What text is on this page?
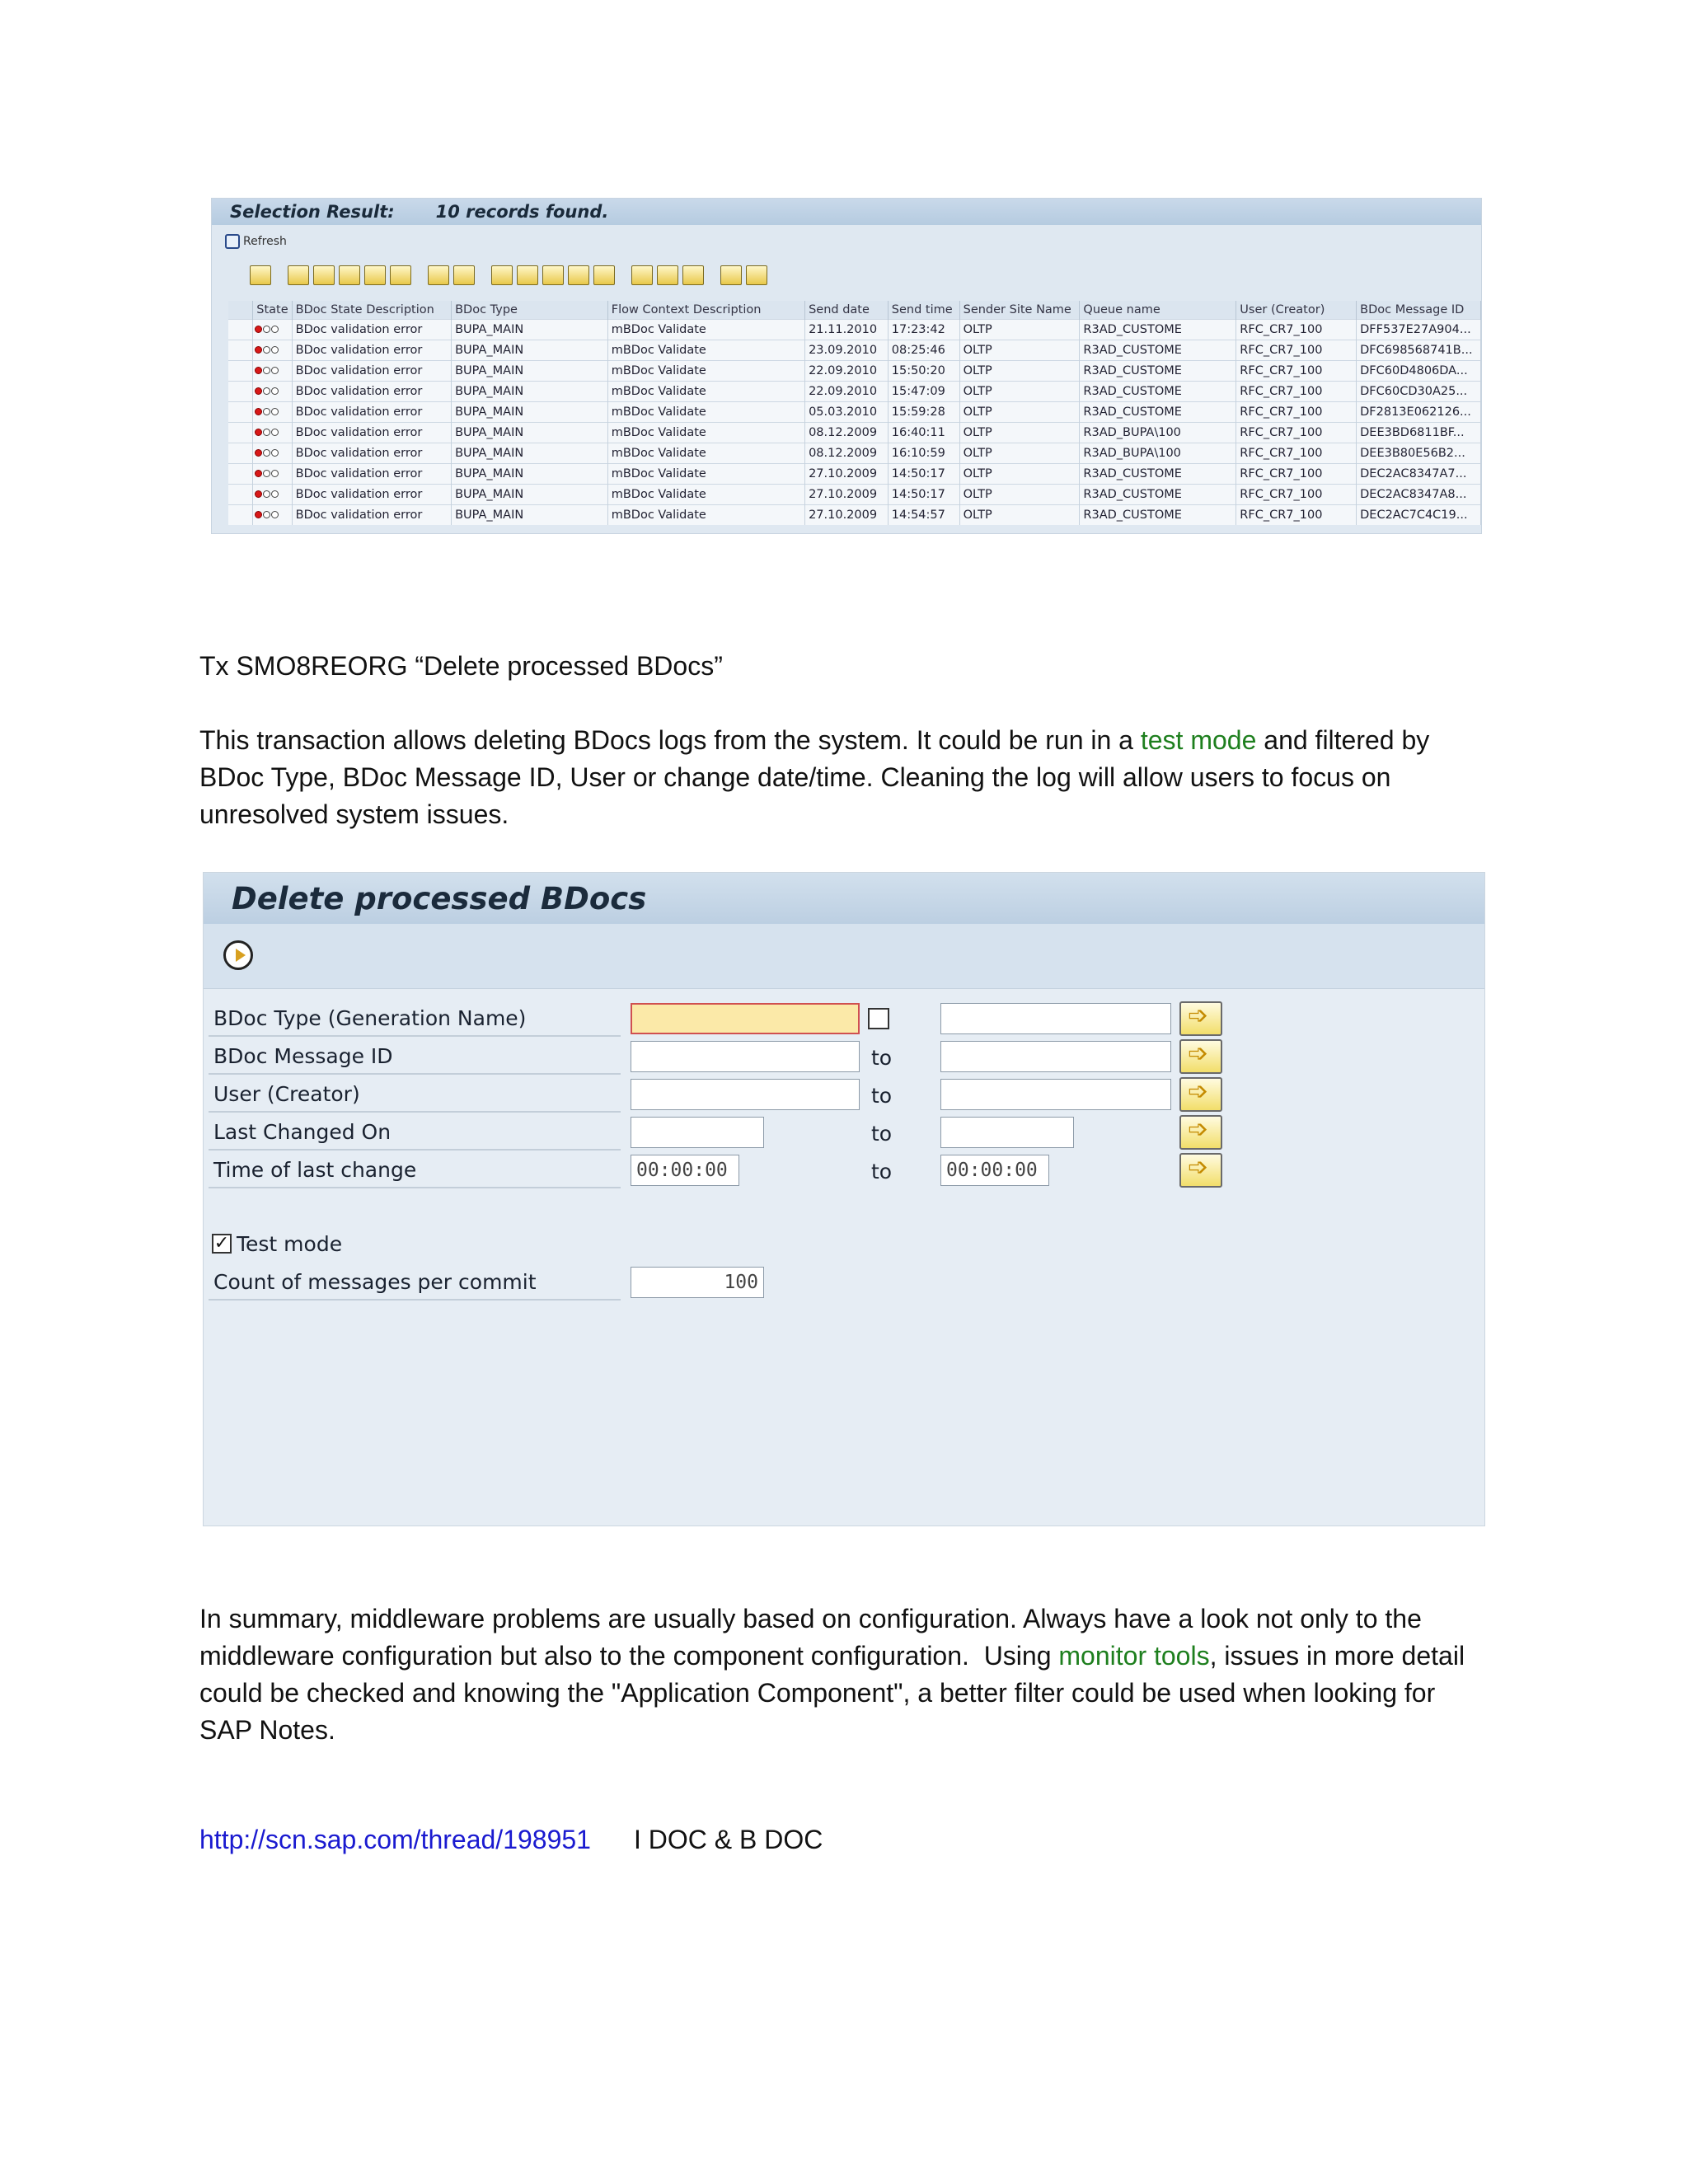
Selection Result: 10 records found.
Refresh
	State	BDoc State Description	BDoc Type	Flow Context Description	Send date	Send time	Sender Site Name	Queue name	User (Creator)	BDoc Message ID

	BDoc validation error	BUPA_MAIN	mBDoc Validate	21.11.2010	17:23:42	OLTP	R3AD_CUSTOME	RFC_CR7_100	DFF537E27A904...

	BDoc validation error	BUPA_MAIN	mBDoc Validate	23.09.2010	08:25:46	OLTP	R3AD_CUSTOME	RFC_CR7_100	DFC698568741B...

	BDoc validation error	BUPA_MAIN	mBDoc Validate	22.09.2010	15:50:20	OLTP	R3AD_CUSTOME	RFC_CR7_100	DFC60D4806DA...

	BDoc validation error	BUPA_MAIN	mBDoc Validate	22.09.2010	15:47:09	OLTP	R3AD_CUSTOME	RFC_CR7_100	DFC60CD30A25...

	BDoc validation error	BUPA_MAIN	mBDoc Validate	05.03.2010	15:59:28	OLTP	R3AD_CUSTOME	RFC_CR7_100	DF2813E062126...

	BDoc validation error	BUPA_MAIN	mBDoc Validate	08.12.2009	16:40:11	OLTP	R3AD_BUPA\100	RFC_CR7_100	DEE3BD6811BF...

	BDoc validation error	BUPA_MAIN	mBDoc Validate	08.12.2009	16:10:59	OLTP	R3AD_BUPA\100	RFC_CR7_100	DEE3B80E56B2...

	BDoc validation error	BUPA_MAIN	mBDoc Validate	27.10.2009	14:50:17	OLTP	R3AD_CUSTOME	RFC_CR7_100	DEC2AC8347A7...

	BDoc validation error	BUPA_MAIN	mBDoc Validate	27.10.2009	14:50:17	OLTP	R3AD_CUSTOME	RFC_CR7_100	DEC2AC8347A8...

	BDoc validation error	BUPA_MAIN	mBDoc Validate	27.10.2009	14:54:57	OLTP	R3AD_CUSTOME	RFC_CR7_100	DEC2AC7C4C19...
Tx SMO8REORG “Delete processed BDocs”
This transaction allows deleting BDocs logs from the system. It could be run in a test mode and filtered by BDoc Type, BDoc Message ID, User or change date/time. Cleaning the log will allow users to focus on unresolved system issues.
Delete processed BDocs
BDoc Type (Generation Name)
➩
BDoc Message ID	to
➩
User (Creator)	to
➩
Last Changed On	to
➩
Time of last change	00:00:00	to	00:00:00
➩
✓ Test mode
Count of messages per commit	100
In summary, middleware problems are usually based on configuration. Always have a look not only to the middleware configuration but also to the component configuration.  Using monitor tools, issues in more detail could be checked and knowing the "Application Component", a better filter could be used when looking for SAP Notes.
http://scn.sap.com/thread/198951 I DOC & B DOC
